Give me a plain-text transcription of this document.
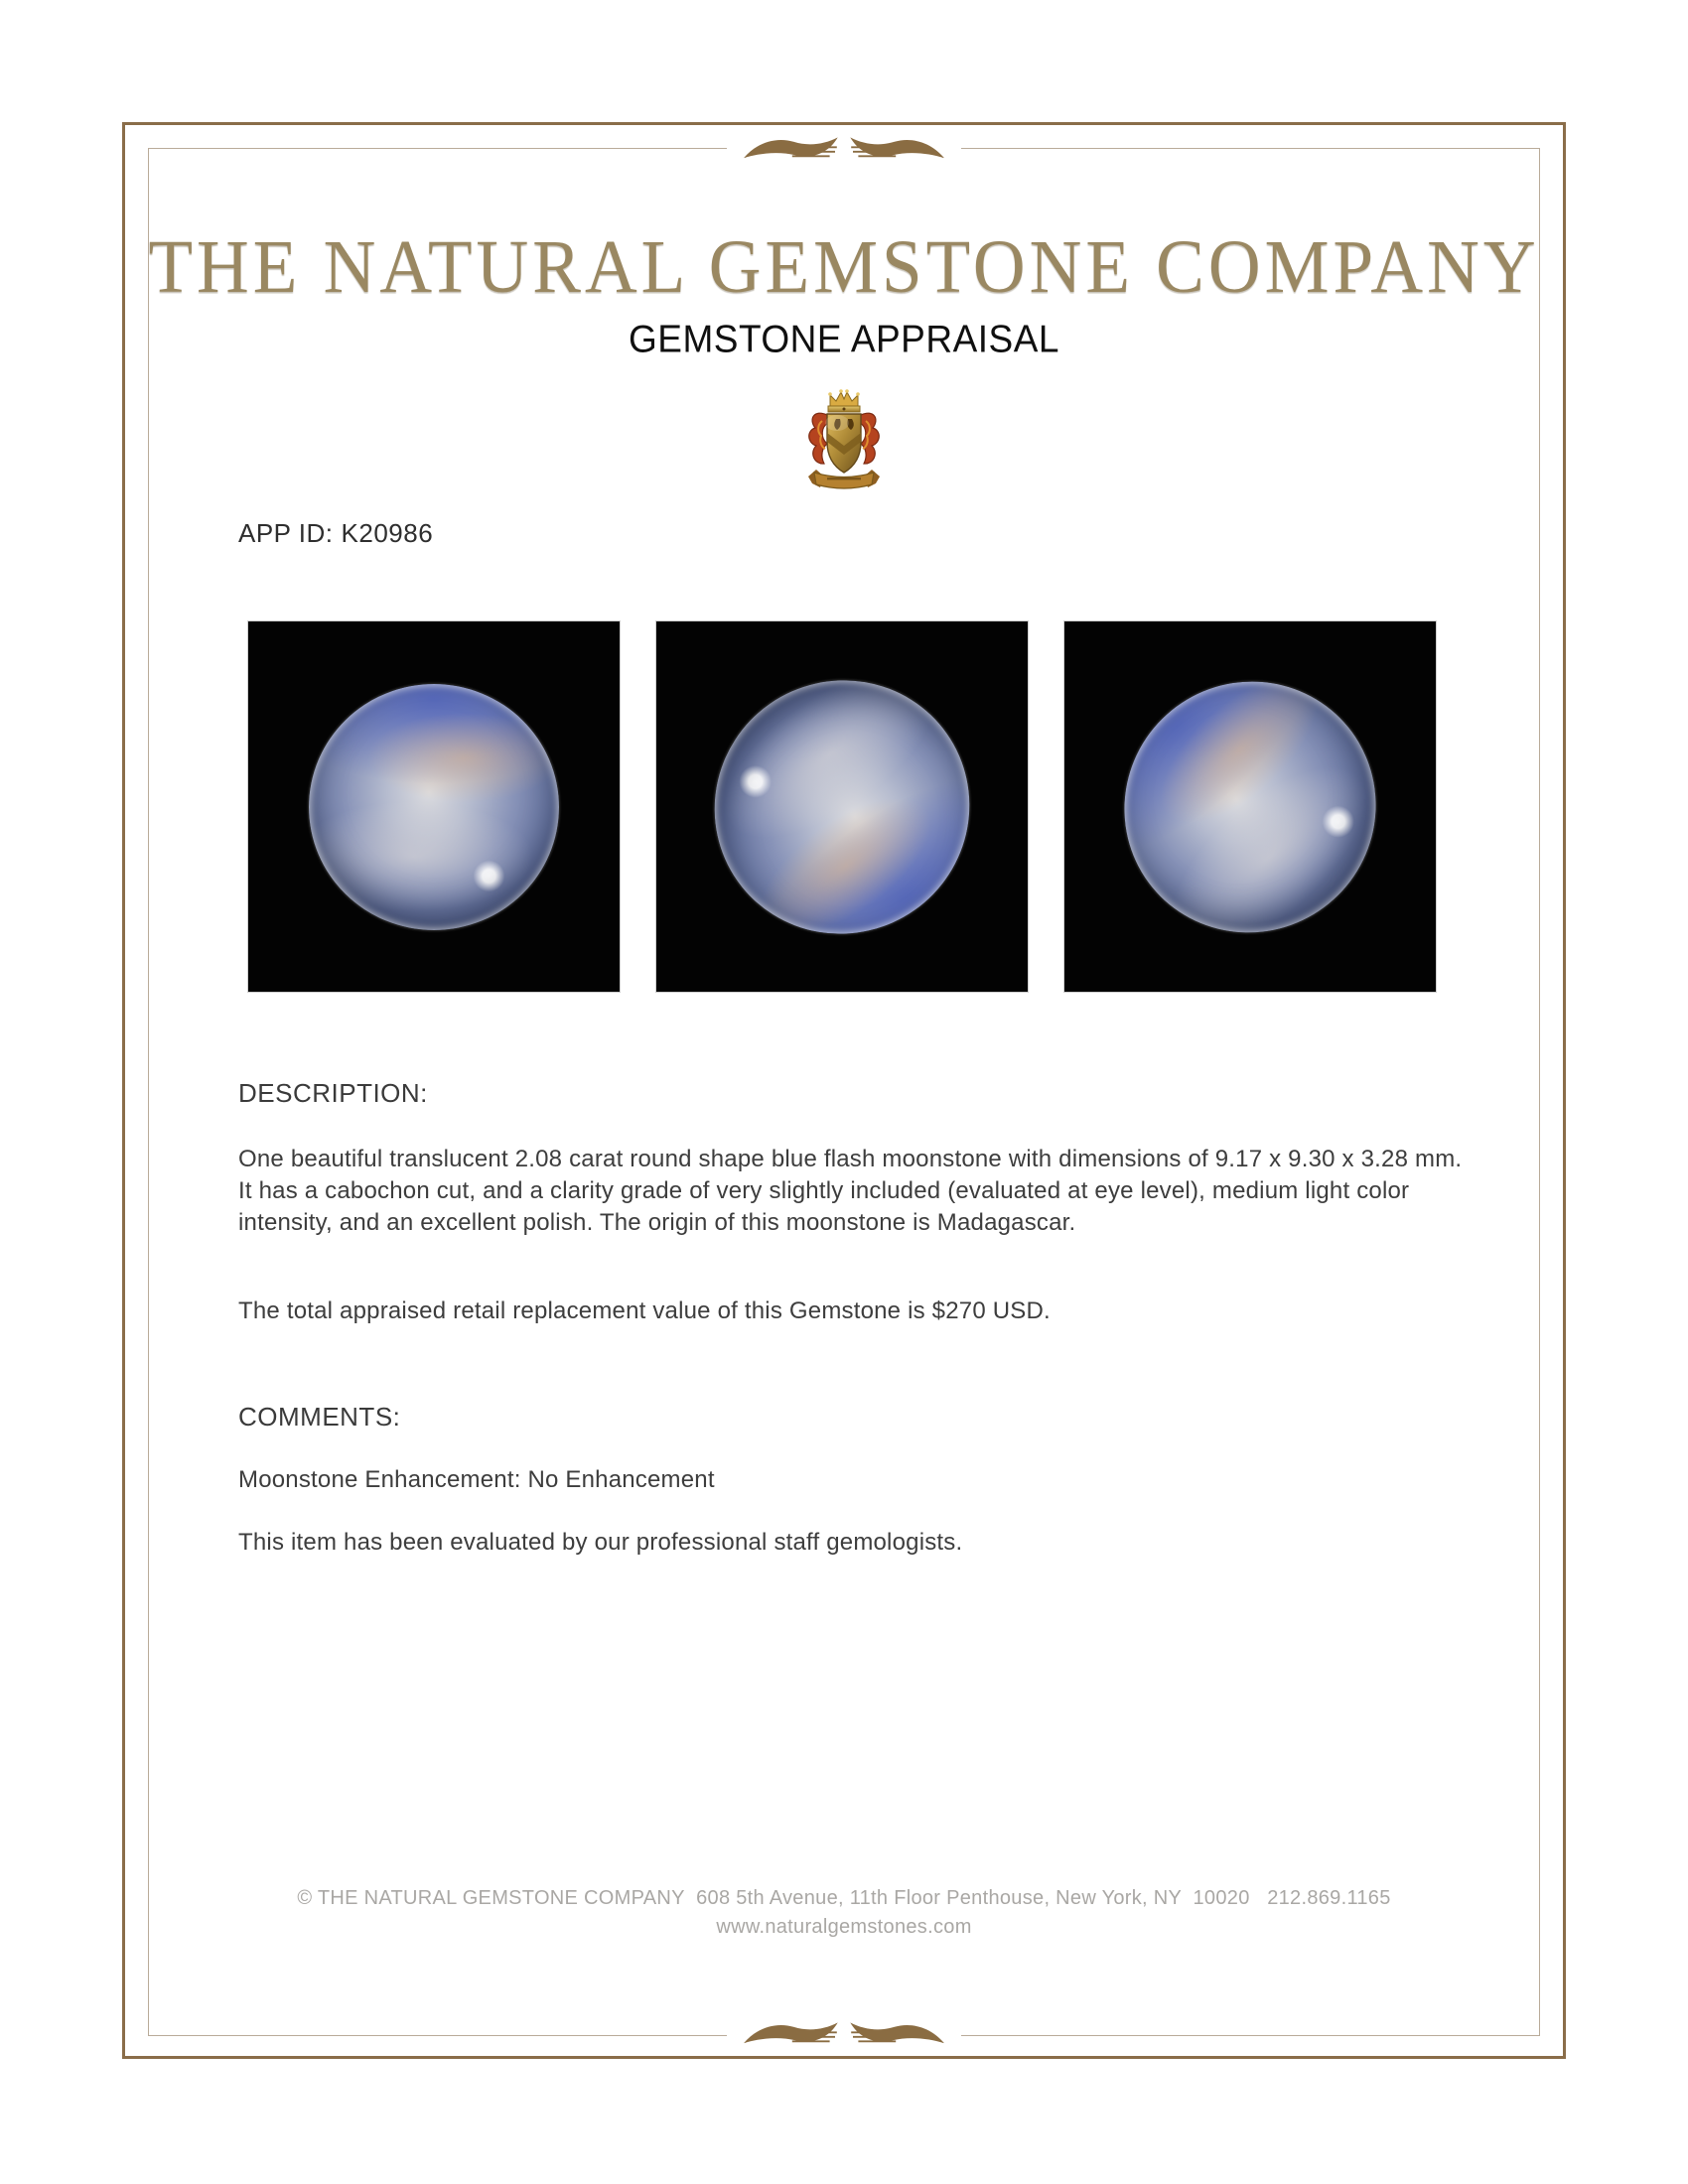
THE NATURAL GEMSTONE COMPANY
GEMSTONE APPRAISAL
APP ID: K20986
DESCRIPTION:
One beautiful translucent 2.08 carat round shape blue flash moonstone with dimensions of 9.17 x 9.30 x 3.28 mm. It has a cabochon cut, and a clarity grade of very slightly included (evaluated at eye level), medium light color intensity, and an excellent polish. The origin of this moonstone is Madagascar.
The total appraised retail replacement value of this Gemstone is $270 USD.
COMMENTS:
Moonstone Enhancement: No Enhancement
This item has been evaluated by our professional staff gemologists.
© THE NATURAL GEMSTONE COMPANY  608 5th Avenue, 11th Floor Penthouse, New York, NY  10020   212.869.1165
www.naturalgemstones.com
